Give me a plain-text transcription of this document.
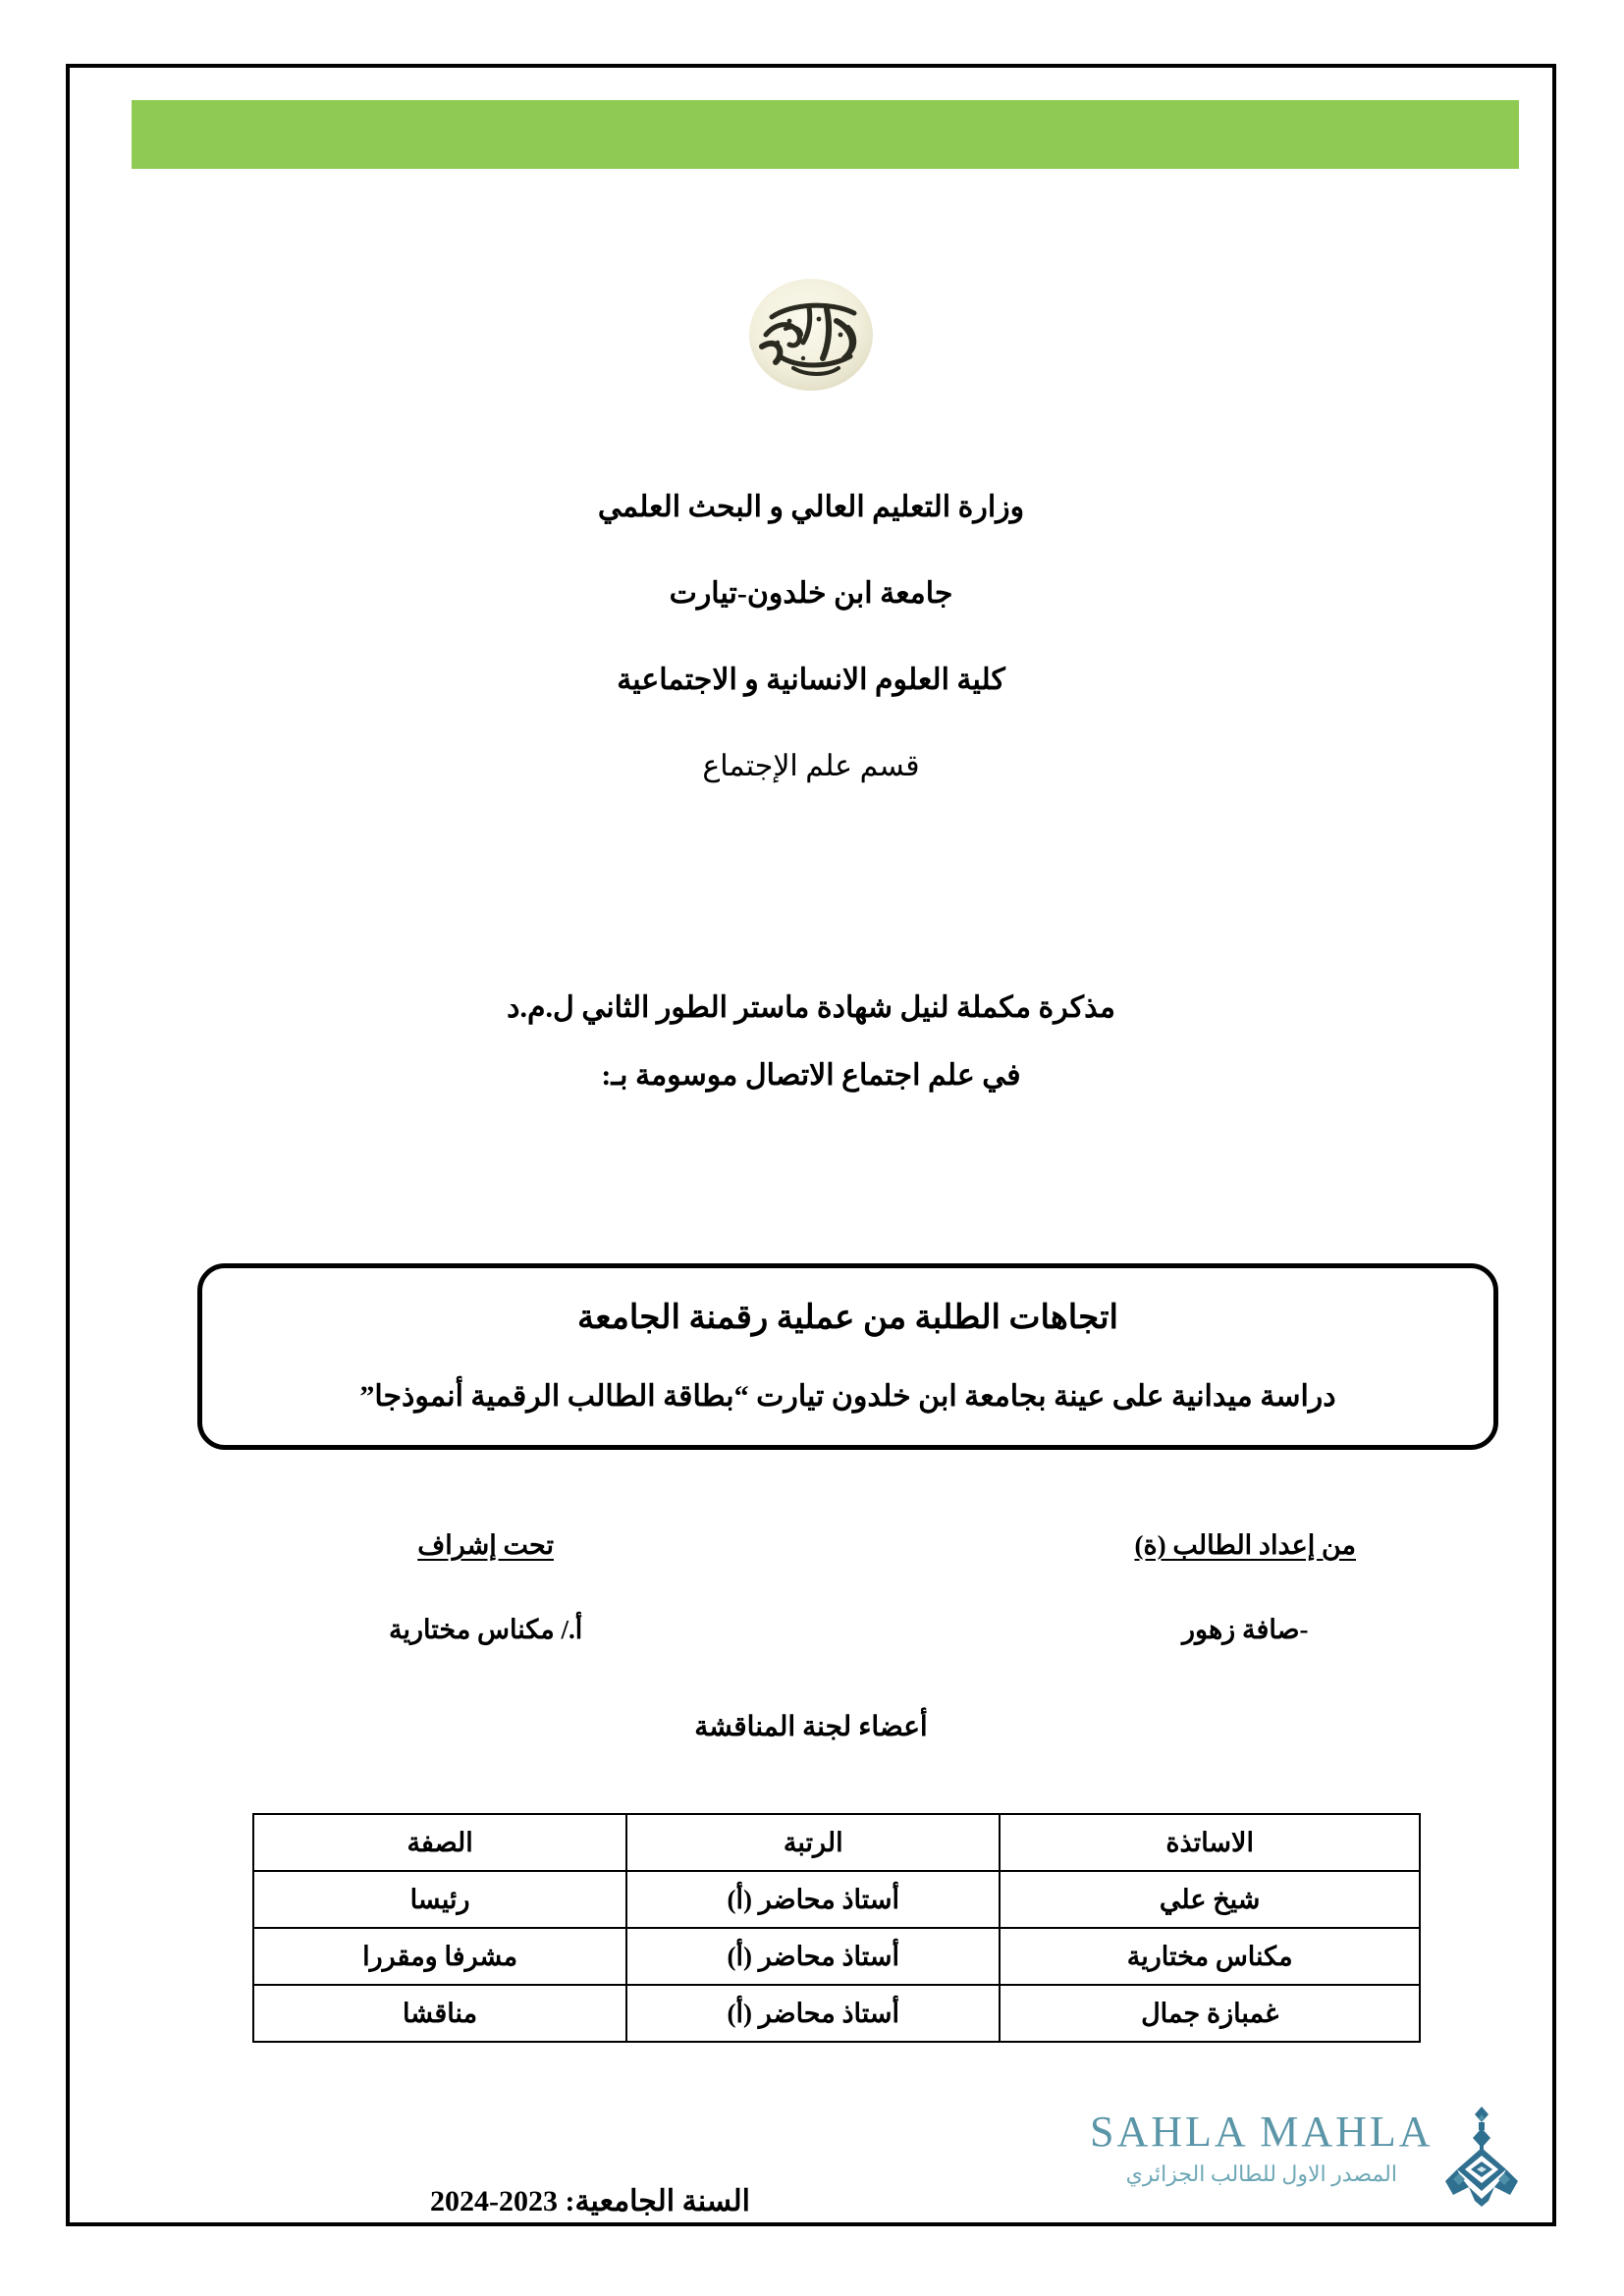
وزارة التعليم العالي و البحث العلمي

جامعة ابن خلدون-تيارت

كلية العلوم الانسانية و الاجتماعية

قسم علم الإجتماع

مذكرة مكملة لنيل شهادة ماستر الطور الثاني ل.م.د

في علم اجتماع الاتصال موسومة بـ:

اتجاهات الطلبة من عملية رقمنة الجامعة
دراسة ميدانية على عينة بجامعة ابن خلدون تيارت “بطاقة الطالب الرقمية أنموذجا”

من إعداد الطالب (ة)

-صافة زهور

تحت إشراف

أ./ مكناس مختارية

أعضاء لجنة المناقشة
الاساتذة	الرتبة	الصفة
شيخ علي	أستاذ محاضر (أ)	رئيسا
مكناس مختارية	أستاذ محاضر (أ)	مشرفا ومقررا
غمبازة جمال	أستاذ محاضر (أ)	مناقشا
السنة الجامعية: 2023-2024
SAHLA MAHLA
المصدر الاول للطالب الجزائري
